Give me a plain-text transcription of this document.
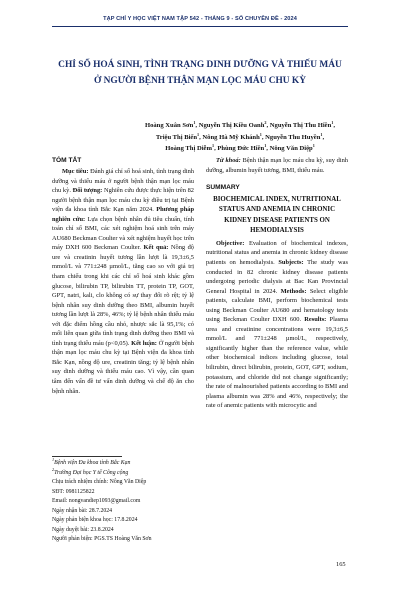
TẠP CHÍ Y HỌC VIỆT NAM TẬP 542 - THÁNG 9 - SỐ CHUYÊN ĐỀ - 2024
CHỈ SỐ HOÁ SINH, TÌNH TRẠNG DINH DƯỠNG VÀ THIẾU MÁU
Ở NGƯỜI BỆNH THẬN MẠN LỌC MÁU CHU KỲ
Hoàng Xuân Sơn$^1$, Nguyễn Thị Kiều Oanh$^2$, Nguyễn Thị Thu Hiền$^1$,
Triệu Thị Biển$^1$, Nông Hà Mỹ Khánh$^1$, Nguyễn Thu Huyền$^1$,
Hoàng Thị Diễm$^1$, Phùng Đức Hiền$^1$, Nông Văn Diệp$^1$
TÓM TẮT

Mục tiêu: Đánh giá chỉ số hoá sinh, tình trạng dinh dưỡng và thiếu máu ở người bệnh thận mạn lọc máu chu kỳ. Đối tượng: Nghiên cứu được thực hiện trên 82 người bệnh thận mạn lọc máu chu kỳ điều trị tại Bệnh viện đa khoa tỉnh Bắc Kạn năm 2024. Phương pháp nghiên cứu: Lựa chọn bệnh nhân đủ tiêu chuẩn, tính toán chỉ số BMI, các xét nghiệm hoá sinh trên máy AU680 Beckman Coulter và xét nghiệm huyết học trên máy DXH 600 Beckman Coulter. Kết quả: Nồng độ ure và creatinin huyết tương lần lượt là 19,3±6,5 mmol/L và 771±248 µmol/L, tăng cao so với giá trị tham chiếu trong khi các chỉ số hoá sinh khác gồm glucose, bilirubin TP, bilirubin TT, protein TP, GOT, GPT, natri, kali, clo không có sự thay đổi rõ rệt; tỷ lệ bệnh nhân suy dinh dưỡng theo BMI, albumin huyết tương lần lượt là 28%, 46%; tỷ lệ bệnh nhân thiếu máu với đặc điểm hồng cầu nhỏ, nhược sắc là 95,1%; có mối liên quan giữa tình trạng dinh dưỡng theo BMI và tình trạng thiếu máu (p<0,05). Kết luận: Ở người bệnh thận mạn lọc máu chu kỳ tại Bệnh viện đa khoa tỉnh Bắc Kạn, nồng độ ure, creatinin tăng; tỷ lệ bệnh nhân suy dinh dưỡng và thiếu máu cao. Vì vậy, cần quan tâm đến vấn đề tư vấn dinh dưỡng và chế độ ăn cho bệnh nhân.

$^1$Bệnh viện Đa khoa tỉnh Bắc Kạn
$^2$Trường Đại học Y tế Công cộng
Chịu trách nhiệm chính: Nông Văn Diệp
SĐT: 0981125822
Email: nongvandiep1093@gmail.com
Ngày nhận bài: 28.7.2024
Ngày phản biện khoa học: 17.8.2024
Ngày duyệt bài: 23.8.2024
Người phản biện: PGS.TS Hoàng Văn Sơn

Từ khoá: Bệnh thận mạn lọc máu chu kỳ, suy dinh dưỡng, albumin huyết tương, BMI, thiếu máu.

SUMMARY
BIOCHEMICAL INDEX, NUTRITIONAL STATUS AND ANEMIA IN CHRONIC KIDNEY DISEASE PATIENTS ON HEMODIALYSIS

Objective: Evaluation of biochemical indexes, nutritional status and anemia in chronic kidney disease patients on hemodialysis. Subjects: The study was conducted in 82 chronic kidney disease patients undergoing periodic dialysis at Bac Kan Provincial General Hospital in 2024. Methods: Select eligible patients, calculate BMI, perform biochemical tests using Beckman Coulter AU680 and hematology tests using Beckman Coulter DXH 600. Results: Plasma urea and creatinine concentrations were 19,3±6,5 mmol/L and 771±248 µmol/L, respectively, significantly higher than the reference value, while other biochemical indices including glucose, total bilirubin, direct bilirubin, protein, GOT, GPT, sodium, potassium, and chloride did not change significantly; the rate of malnourished patients according to BMI and plasma albumin was 28% and 46%, respectively; the rate of anemic patients with microcytic and

165
